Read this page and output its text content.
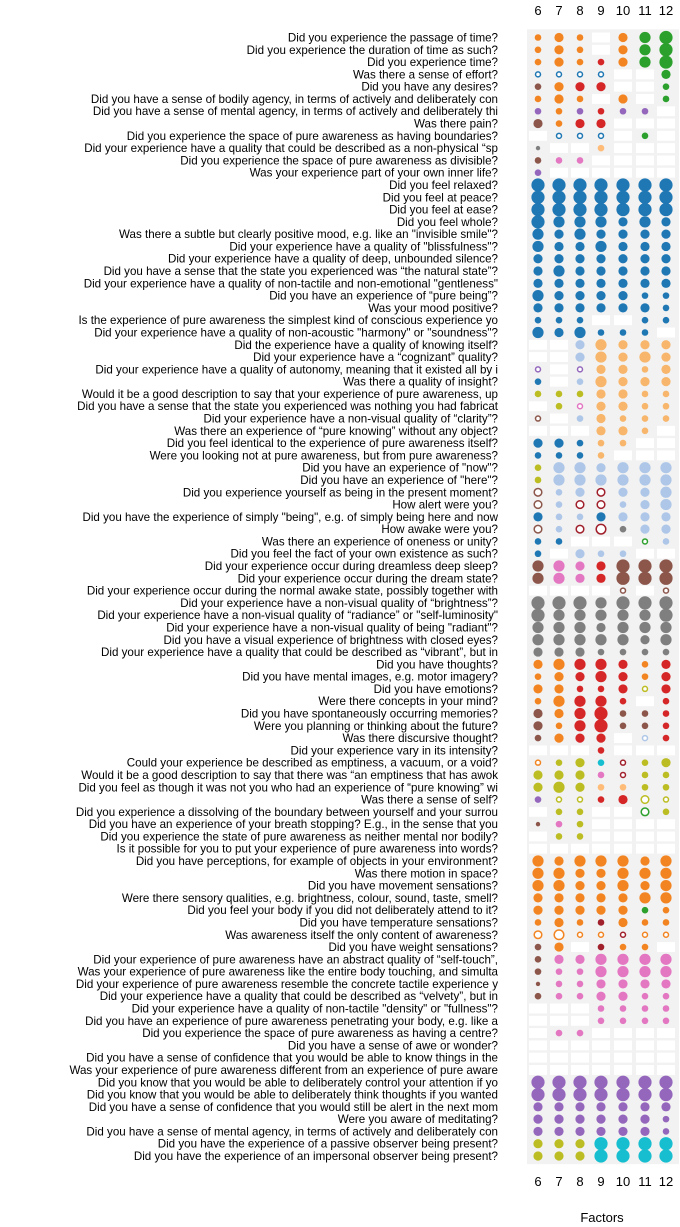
Did you experience the passage of time?
Did you experience the duration of time as such?
Did you experience time?
Was there a sense of effort?
Did you have any desires?
Did you have a sense of bodily agency, in terms of actively and deliberately con
Did you have a sense of mental agency, in terms of actively and deliberately thi
Was there pain?
Did you experience the space of pure awareness as having boundaries?
Did your experience have a quality that could be described as a non-physical “sp
Did you experience the space of pure awareness as divisible?
Was your experience part of your own inner life?
Did you feel relaxed?
Did you feel at peace?
Did you feel at ease?
Did you feel whole?
Was there a subtle but clearly positive mood, e.g. like an "invisible smile"?
Did your experience have a quality of "blissfulness"?
Did your experience have a quality of deep, unbounded silence?
Did you have a sense that the state you experienced was “the natural state”?
Did your experience have a quality of non-tactile and non-emotional "gentleness"
Did you have an experience of “pure being”?
Was your mood positive?
Is the experience of pure awareness the simplest kind of conscious experience yo
Did your experience have a quality of non-acoustic "harmony" or "soundness"?
Did the experience have a quality of knowing itself?
Did your experience have a “cognizant” quality?
Did your experience have a quality of autonomy, meaning that it existed all by i
Was there a quality of insight?
Would it be a good description to say that your experience of pure awareness, up
Did you have a sense that the state you experienced was nothing you had fabricat
Did your experience have a non-visual quality of “clarity”?
Was there an experience of “pure knowing” without any object?
Did you feel identical to the experience of pure awareness itself?
Were you looking not at pure awareness, but from pure awareness?
Did you have an experience of "now"?
Did you have an experience of "here"?
Did you experience yourself as being in the present moment?
How alert were you?
Did you have the experience of simply "being", e.g. of simply being here and now
How awake were you?
Was there an experience of oneness or unity?
Did you feel the fact of your own existence as such?
Did your experience occur during dreamless deep sleep?
Did your experience occur during the dream state?
Did your experience occur during the normal awake state, possibly together with
Did your experience have a non-visual quality of “brightness”?
Did your experience have a non-visual quality of “radiance” or "self-luminosity"
Did your experience have a non-visual quality of being "radiant"?
Did you have a visual experience of brightness with closed eyes?
Did your experience have a quality that could be described as “vibrant”, but in
Did you have thoughts?
Did you have mental images, e.g. motor imagery?
Did you have emotions?
Were there concepts in your mind?
Did you have spontaneously occurring memories?
Were you planning or thinking about the future?
Was there discursive thought?
Did your experience vary in its intensity?
Could your experience be described as emptiness, a vacuum, or a void?
Would it be a good description to say that there was “an emptiness that has awok
Did you feel as though it was not you who had an experience of “pure knowing” wi
Was there a sense of self?
Did you experience a dissolving of the boundary between yourself and your surrou
Did you have an experience of your breath stopping? E.g., in the sense that you
Did you experience the state of pure awareness as neither mental nor bodily?
Is it possible for you to put your experience of pure awareness into words?
Did you have perceptions, for example of objects in your environment?
Was there motion in space?
Did you have movement sensations?
Were there sensory qualities, e.g. brightness, colour, sound, taste, smell?
Did you feel your body if you did not deliberately attend to it?
Did you have temperature sensations?
Was awareness itself the only content of awareness?
Did you have weight sensations?
Did your experience of pure awareness have an abstract quality of “self-touch”,
Was your experience of pure awareness like the entire body touching, and simulta
Did your experience of pure awareness resemble the concrete tactile experience y
Did your experience have a quality that could be described as “velvety”, but in
Did your experience have a quality of non-tactile "density" or "fullness"?
Did you have an experience of pure awareness penetrating your body, e.g. like a
Did you experience the space of pure awareness as having a centre?
Did you have a sense of awe or wonder?
Did you have a sense of confidence that you would be able to know things in the
Was your experience of pure awareness different from an experience of pure aware
Did you know that you would be able to deliberately control your attention if yo
Did you know that you would be able to deliberately think thoughts if you wanted
Did you have a sense of confidence that you would still be alert in the next mom
Were you aware of meditating?
Did you have a sense of mental agency, in terms of actively and deliberately con
Did you have the experience of a passive observer being present?
Did you have the experience of an impersonal observer being present?
6 7 8 9 10 11 12
6 7 8 9 10 11 12
Factors
